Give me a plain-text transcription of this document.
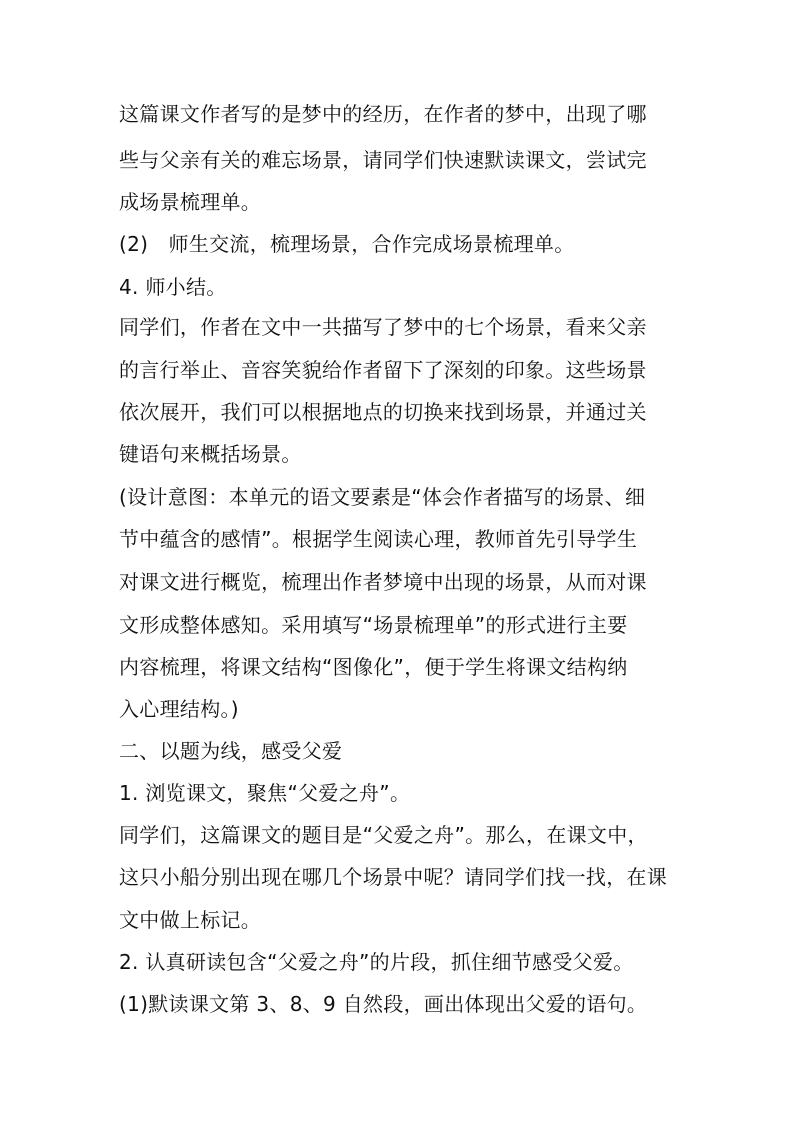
这篇课文作者写的是梦中的经历，在作者的梦中，出现了哪
些与父亲有关的难忘场景，请同学们快速默读课文，尝试完
成场景梳理单。
(2)　师生交流，梳理场景，合作完成场景梳理单。
4. 师小结。
同学们，作者在文中一共描写了梦中的七个场景，看来父亲
的言行举止、音容笑貌给作者留下了深刻的印象。这些场景
依次展开，我们可以根据地点的切换来找到场景，并通过关
键语句来概括场景。
(设计意图：本单元的语文要素是“体会作者描写的场景、细
节中蕴含的感情”。根据学生阅读心理，教师首先引导学生
对课文进行概览，梳理出作者梦境中出现的场景，从而对课
文形成整体感知。采用填写“场景梳理单”的形式进行主要
内容梳理，将课文结构“图像化”，便于学生将课文结构纳
入心理结构。)
二、以题为线，感受父爱
1. 浏览课文，聚焦“父爱之舟”。
同学们，这篇课文的题目是“父爱之舟”。那么，在课文中，
这只小船分别出现在哪几个场景中呢？请同学们找一找，在课
文中做上标记。
2. 认真研读包含“父爱之舟”的片段，抓住细节感受父爱。
(1)默读课文第 3、8、9 自然段，画出体现出父爱的语句。
